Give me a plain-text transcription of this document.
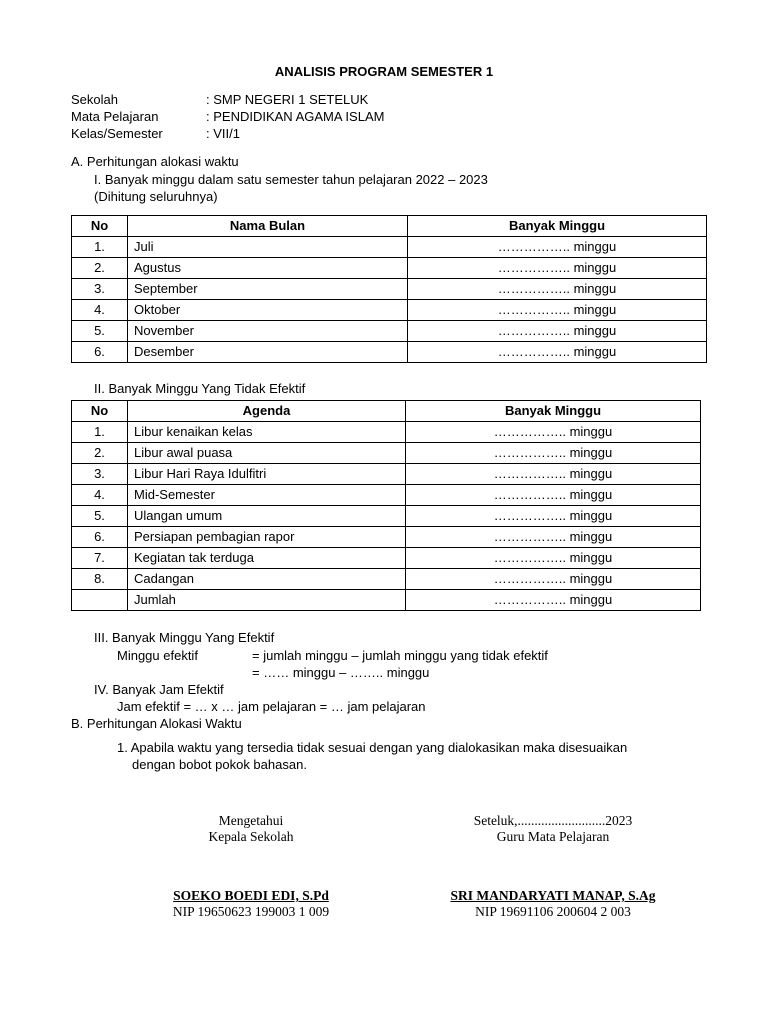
ANALISIS PROGRAM SEMESTER 1
Sekolah	: SMP NEGERI 1 SETELUK
Mata Pelajaran	: PENDIDIKAN AGAMA ISLAM
Kelas/Semester	: VII/1
A. Perhitungan alokasi waktu
I. Banyak minggu dalam satu semester tahun pelajaran 2022 – 2023
(Dihitung seluruhnya)
No	Nama Bulan	Banyak Minggu
1.	Juli	…………….. minggu
2.	Agustus	…………….. minggu
3.	September	…………….. minggu
4.	Oktober	…………….. minggu
5.	November	…………….. minggu
6.	Desember	…………….. minggu
II. Banyak Minggu Yang Tidak Efektif
No	Agenda	Banyak Minggu
1.	Libur kenaikan kelas	…………….. minggu
2.	Libur awal puasa	…………….. minggu
3.	Libur Hari Raya Idulfitri	…………….. minggu
4.	Mid-Semester	…………….. minggu
5.	Ulangan umum	…………….. minggu
6.	Persiapan pembagian rapor	…………….. minggu
7.	Kegiatan tak terduga	…………….. minggu
8.	Cadangan	…………….. minggu
	Jumlah	…………….. minggu
III. Banyak Minggu Yang Efektif
Minggu efektif	= jumlah minggu – jumlah minggu yang tidak efektif
= …… minggu – …….. minggu
IV. Banyak Jam Efektif
Jam efektif = … x … jam pelajaran = … jam pelajaran
B. Perhitungan Alokasi Waktu
1. Apabila waktu yang tersedia tidak sesuai dengan yang dialokasikan maka disesuaikan
dengan bobot pokok bahasan.
Mengetahui
Kepala Sekolah
SOEKO BOEDI EDI, S.Pd
NIP 19650623 199003 1 009
Seteluk,..........................2023
Guru Mata Pelajaran
SRI MANDARYATI MANAP, S.Ag
NIP 19691106 200604 2 003
